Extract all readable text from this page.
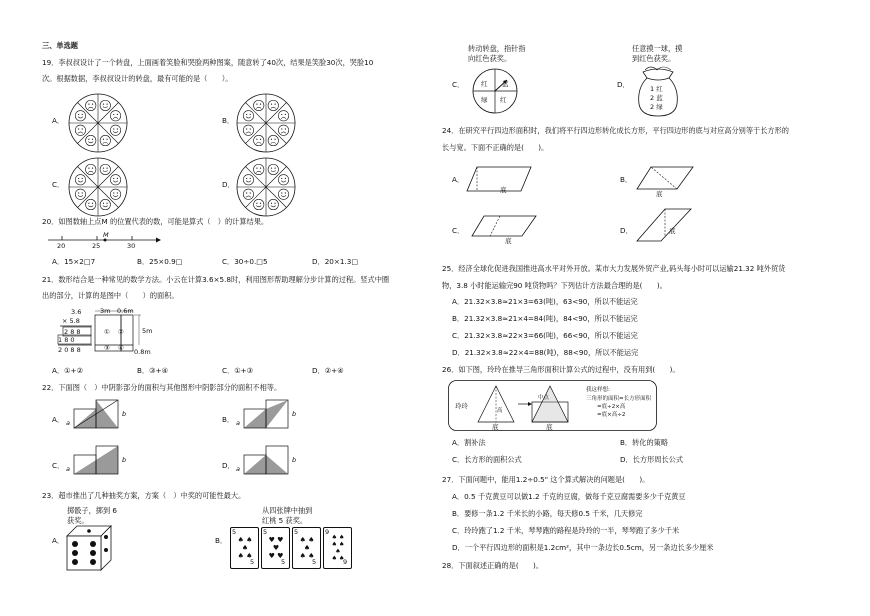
三、单选题
19．李叔叔设计了一个转盘，上面画着笑脸和哭脸两种图案，随意转了40次，结果是笑脸30次，哭脸10
次。根据数据，李叔叔设计的转盘，最有可能的是（　　）。
A．	B．
C．	D．
20．如图数轴上点M 的位置代表的数，可能是算式（　）的计算结果。
20	25	30
M
A．15×2□7	B．25×0.9□	C．30÷0.□5	D．20×1.3□
21．数形结合是一种常见的数学方法。小云在计算3.6×5.8时，利用图形帮助理解分步计算的过程。竖式中圈
出的部分，计算的是图中（　　）的面积。
3.6
× 5.8
2 8 8
1 8 0
2 0 8 8
3m 0.6m
5m
0.8m
① ②
③ ④
A．①+②	B．③+④	C．①+③	D．②+④
22．下面图（　）中阴影部分的面积与其他图形中阴影部分的面积不相等。
A．	B．
C．	D．
a
b
a
b
a
b
a
b
23．超市推出了几种抽奖方案，方案（　）中奖的可能性最大。
掷骰子，掷到 6
获奖。
从四张牌中抽到
红桃 5 获奖。
A．	B．
5
5
♠ ♠
♠
♠ ♠
5
5
♥ ♥
♥
♥ ♥
5
5
♠ ♠
♠
♠ ♠
9
9
♠ ♠
♠ ♠
♠
♠ ♠
转动转盘，指针指
向红色获奖。
任意摸一球，摸
到红色获奖。
C．	D．
红 蓝
绿 红
1 红
2 蓝
2 绿
24．在研究平行四边形面积时，我们将平行四边形转化成长方形，平行四边形的底与对应高分别等于长方形的
长与宽。下面不正确的是(　　)。
A．	B．
C．	D．
底	底
底
底
25．经济全球化促进我国推进高水平对外开放。某市大力发展外贸产业,码头每小时可以运输21.32 吨外贸货
物，3.8 小时能运输完90 吨货物吗？下列估计方法最合理的是(　　)。
A．21.32×3.8≈21×3=63(吨)，63<90，所以不能运完
B．21.32×3.8≈21×4=84(吨)，84<90，所以不能运完
C．21.32×3.8≈22×3=66(吨)，66<90，所以不能运完
D．21.32×3.8≈22×4=88(吨)，88<90，所以不能运完
26．如下图，玲玲在推导三角形面积计算公式的过程中，没有用到(　　)。
玲玲
中点
底	底
高
我这样想:
三角形的面积=长方形面积
=底÷2×高
=底×高÷2
A．割补法	B．转化的策略
C．长方形的面积公式	D．长方形周长公式
27．下面问题中，能用1.2÷0.5" 这个算式解决的问题是(　　)。
A．0.5 千克黄豆可以做1.2 千克的豆腐，做每千克豆腐需要多少千克黄豆
B．要修一条1.2 千米长的小路，每天修0.5 千米，几天修完
C．玲玲跑了1.2 千米，琴琴跑的路程是玲玲的一半，琴琴跑了多少千米
D．一个平行四边形的面积是1.2cm²，其中一条边长0.5cm，另一条边长多少厘米
28．下面叙述正确的是(　　)。
